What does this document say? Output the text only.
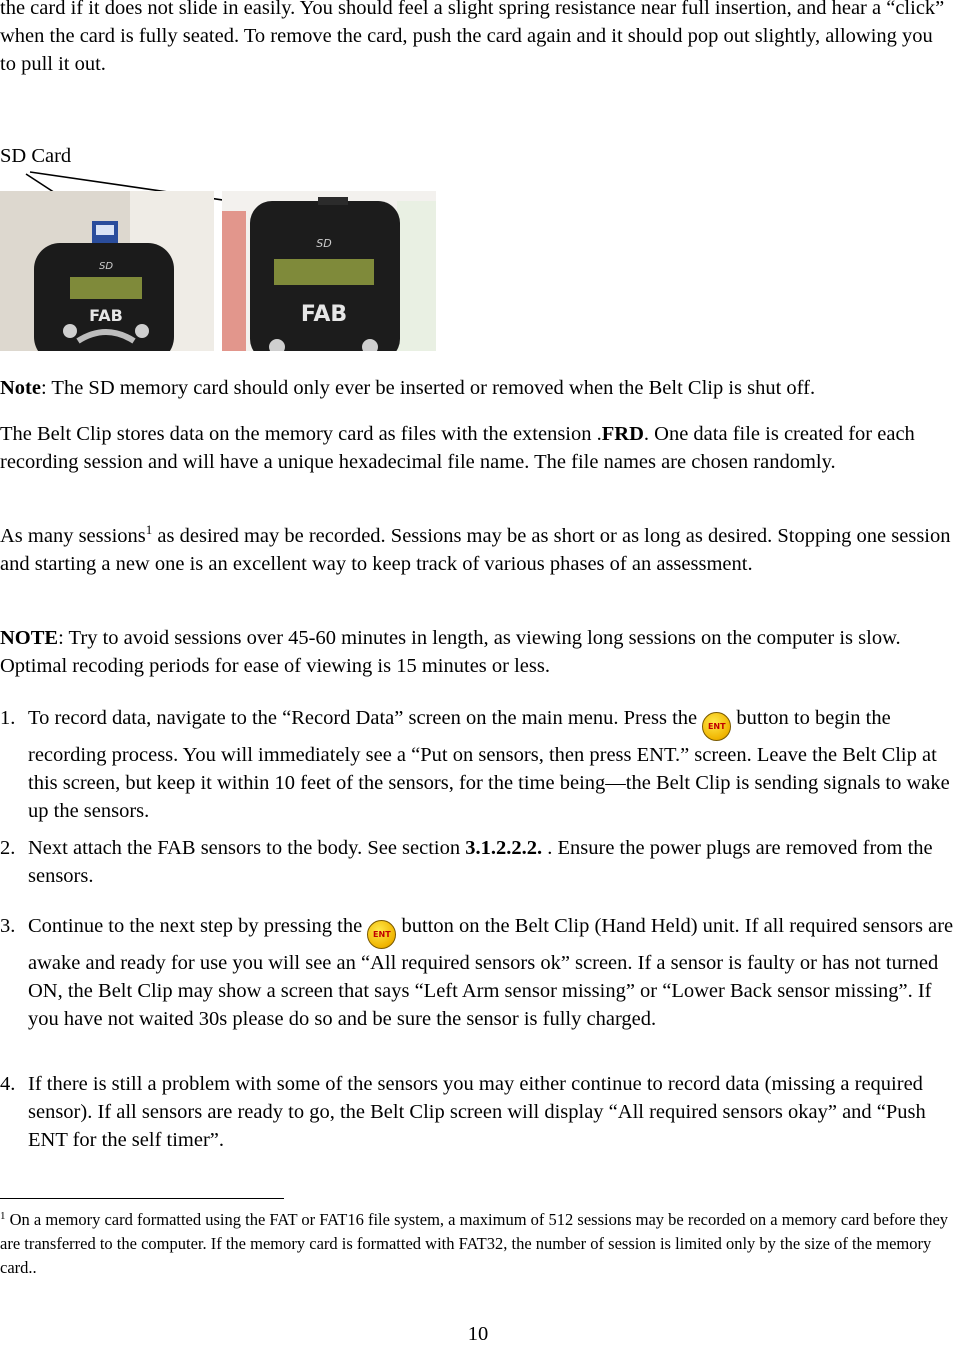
the card if it does not slide in easily. You should feel a slight spring resistance near full insertion, and hear a “click” when the card is fully seated. To remove the card, push the card again and it should pop out slightly, allowing you to pull it out.

SD Card

SD
FAB
SD
FAB

Note: The SD memory card should only ever be inserted or removed when the Belt Clip is shut off.

The Belt Clip stores data on the memory card as files with the extension .FRD. One data file is created for each recording session and will have a unique hexadecimal file name. The file names are chosen randomly.

As many sessions$^1$ as desired may be recorded. Sessions may be as short or as long as desired. Stopping one session and starting a new one is an excellent way to keep track of various phases of an assessment.

NOTE: Try to avoid sessions over 45-60 minutes in length, as viewing long sessions on the computer is slow. Optimal recoding periods for ease of viewing is 15 minutes or less.

1. To record data, navigate to the “Record Data” screen on the main menu. Press the ENT button to begin the recording process. You will immediately see a “Put on sensors, then press ENT.” screen. Leave the Belt Clip at this screen, but keep it within 10 feet of the sensors, for the time being—the Belt Clip is sending signals to wake up the sensors.

2. Next attach the FAB sensors to the body. See section 3.1.2.2.2. . Ensure the power plugs are removed from the sensors.

3. Continue to the next step by pressing the ENT button on the Belt Clip (Hand Held) unit. If all required sensors are awake and ready for use you will see an “All required sensors ok” screen. If a sensor is faulty or has not turned ON, the Belt Clip may show a screen that says “Left Arm sensor missing” or “Lower Back sensor missing”. If you have not waited 30s please do so and be sure the sensor is fully charged.

4. If there is still a problem with some of the sensors you may either continue to record data (missing a required sensor). If all sensors are ready to go, the Belt Clip screen will display “All required sensors okay” and “Push ENT for the self timer”.

$^1$ On a memory card formatted using the FAT or FAT16 file system, a maximum of 512 sessions may be recorded on a memory card before they are transferred to the computer. If the memory card is formatted with FAT32, the number of session is limited only by the size of the memory card..

10
